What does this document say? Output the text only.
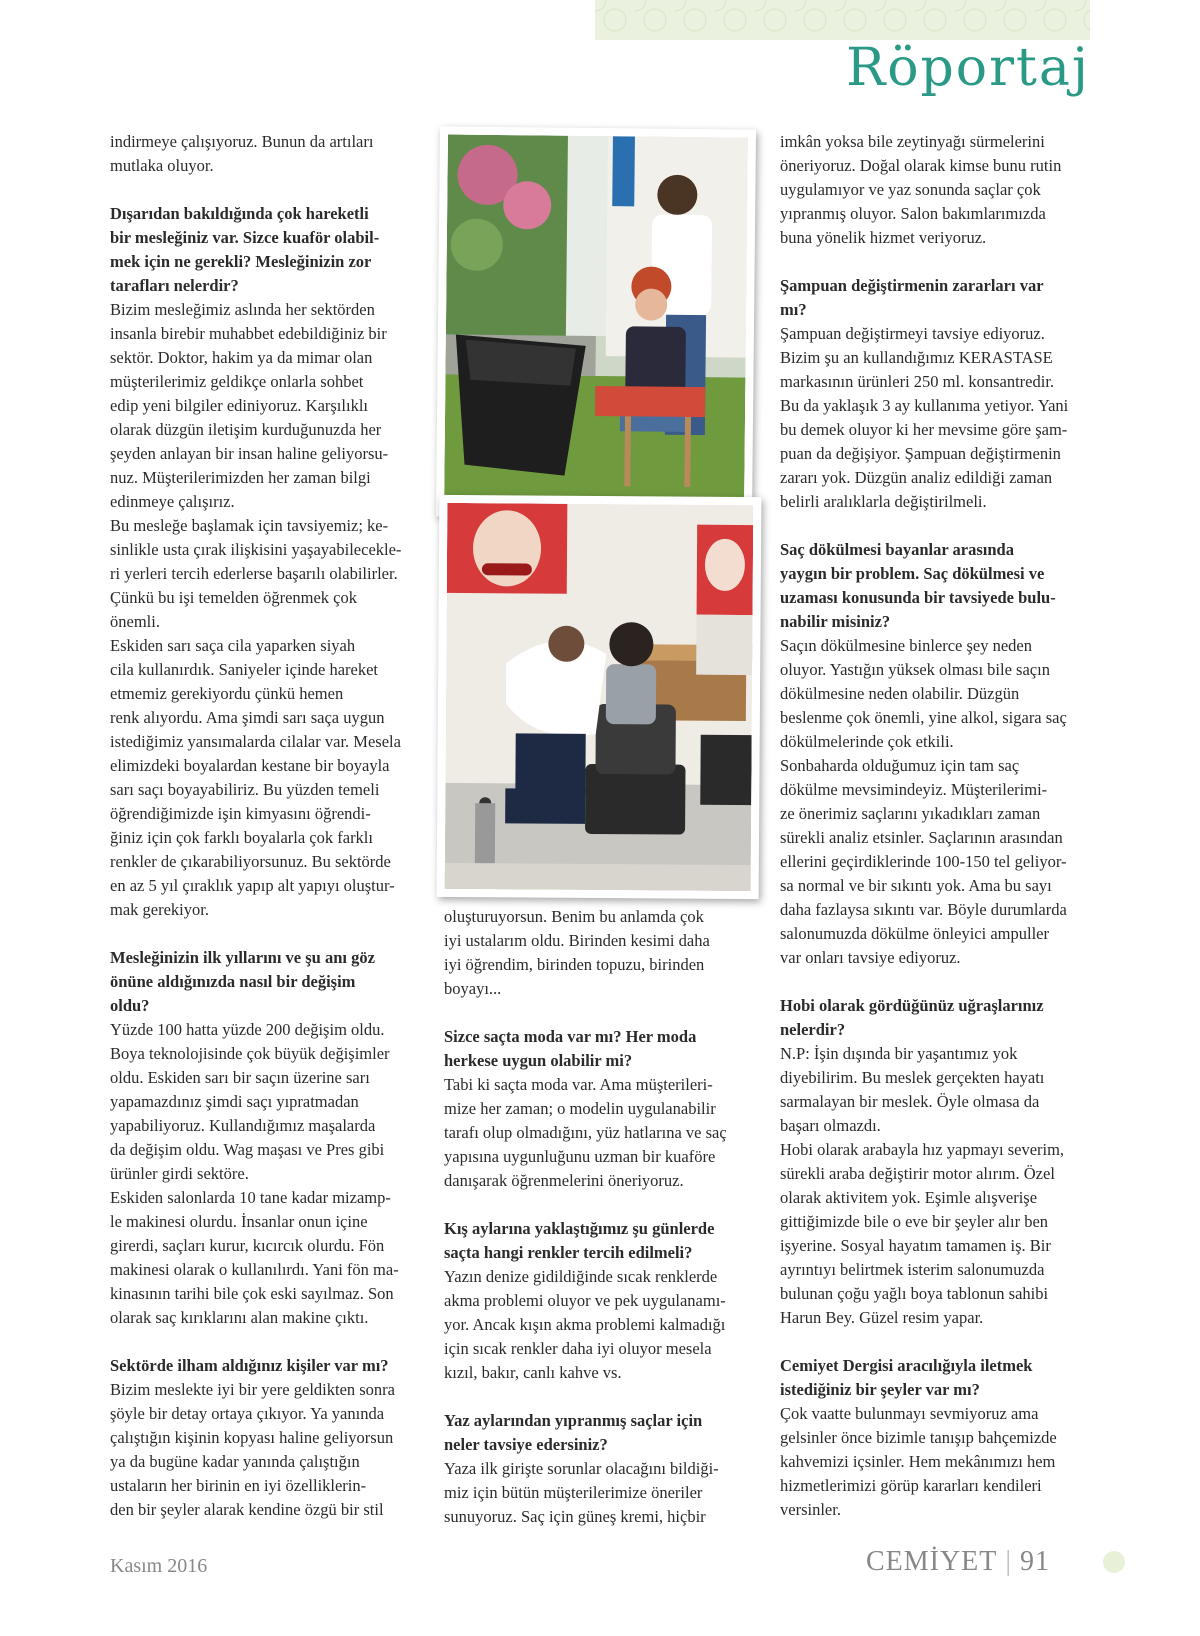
Röportaj
indirmeye çalışıyoruz. Bunun da artıları
mutlaka oluyor.
Dışarıdan bakıldığında çok hareketli
bir mesleğiniz var. Sizce kuaför olabil-
mek için ne gerekli? Mesleğinizin zor
tarafları nelerdir?
Bizim mesleğimiz aslında her sektörden
insanla birebir muhabbet edebildiğiniz bir
sektör. Doktor, hakim ya da mimar olan
müşterilerimiz geldikçe onlarla sohbet
edip yeni bilgiler ediniyoruz. Karşılıklı
olarak düzgün iletişim kurduğunuzda her
şeyden anlayan bir insan haline geliyorsu-
nuz. Müşterilerimizden her zaman bilgi
edinmeye çalışırız.
Bu mesleğe başlamak için tavsiyemiz; ke-
sinlikle usta çırak ilişkisini yaşayabilecekle-
ri yerleri tercih ederlerse başarılı olabilirler.
Çünkü bu işi temelden öğrenmek çok
önemli.
Eskiden sarı saça cila yaparken siyah
cila kullanırdık. Saniyeler içinde hareket
etmemiz gerekiyordu çünkü hemen
renk alıyordu. Ama şimdi sarı saça uygun
istediğimiz yansımalarda cilalar var. Mesela
elimizdeki boyalardan kestane bir boyayla
sarı saçı boyayabiliriz. Bu yüzden temeli
öğrendiğimizde işin kimyasını öğrendi-
ğiniz için çok farklı boyalarla çok farklı
renkler de çıkarabiliyorsunuz. Bu sektörde
en az 5 yıl çıraklık yapıp alt yapıyı oluştur-
mak gerekiyor.
Mesleğinizin ilk yıllarını ve şu anı göz
önüne aldığınızda nasıl bir değişim
oldu?
Yüzde 100 hatta yüzde 200 değişim oldu.
Boya teknolojisinde çok büyük değişimler
oldu. Eskiden sarı bir saçın üzerine sarı
yapamazdınız şimdi saçı yıpratmadan
yapabiliyoruz. Kullandığımız maşalarda
da değişim oldu. Wag maşası ve Pres gibi
ürünler girdi sektöre.
Eskiden salonlarda 10 tane kadar mizamp-
le makinesi olurdu. İnsanlar onun içine
girerdi, saçları kurur, kıcırcık olurdu. Fön
makinesi olarak o kullanılırdı. Yani fön ma-
kinasının tarihi bile çok eski sayılmaz. Son
olarak saç kırıklarını alan makine çıktı.
Sektörde ilham aldığınız kişiler var mı?
Bizim meslekte iyi bir yere geldikten sonra
şöyle bir detay ortaya çıkıyor. Ya yanında
çalıştığın kişinin kopyası haline geliyorsun
ya da bugüne kadar yanında çalıştığın
ustaların her birinin en iyi özelliklerin-
den bir şeyler alarak kendine özgü bir stil
oluşturuyorsun. Benim bu anlamda çok
iyi ustalarım oldu. Birinden kesimi daha
iyi öğrendim, birinden topuzu, birinden
boyayı...
Sizce saçta moda var mı? Her moda
herkese uygun olabilir mi?
Tabi ki saçta moda var. Ama müşterileri-
mize her zaman; o modelin uygulanabilir
tarafı olup olmadığını, yüz hatlarına ve saç
yapısına uygunluğunu uzman bir kuaföre
danışarak öğrenmelerini öneriyoruz.
Kış aylarına yaklaştığımız şu günlerde
saçta hangi renkler tercih edilmeli?
Yazın denize gidildiğinde sıcak renklerde
akma problemi oluyor ve pek uygulanamı-
yor. Ancak kışın akma problemi kalmadığı
için sıcak renkler daha iyi oluyor mesela
kızıl, bakır, canlı kahve vs.
Yaz aylarından yıpranmış saçlar için
neler tavsiye edersiniz?
Yaza ilk girişte sorunlar olacağını bildiği-
miz için bütün müşterilerimize öneriler
sunuyoruz. Saç için güneş kremi, hiçbir
imkân yoksa bile zeytinyağı sürmelerini
öneriyoruz. Doğal olarak kimse bunu rutin
uygulamıyor ve yaz sonunda saçlar çok
yıpranmış oluyor. Salon bakımlarımızda
buna yönelik hizmet veriyoruz.
Şampuan değiştirmenin zararları var
mı?
Şampuan değiştirmeyi tavsiye ediyoruz.
Bizim şu an kullandığımız KERASTASE
markasının ürünleri 250 ml. konsantredir.
Bu da yaklaşık 3 ay kullanıma yetiyor. Yani
bu demek oluyor ki her mevsime göre şam-
puan da değişiyor. Şampuan değiştirmenin
zararı yok. Düzgün analiz edildiği zaman
belirli aralıklarla değiştirilmeli.
Saç dökülmesi bayanlar arasında
yaygın bir problem. Saç dökülmesi ve
uzaması konusunda bir tavsiyede bulu-
nabilir misiniz?
Saçın dökülmesine binlerce şey neden
oluyor. Yastığın yüksek olması bile saçın
dökülmesine neden olabilir. Düzgün
beslenme çok önemli, yine alkol, sigara saç
dökülmelerinde çok etkili.
Sonbaharda olduğumuz için tam saç
dökülme mevsimindeyiz. Müşterilerimi-
ze önerimiz saçlarını yıkadıkları zaman
sürekli analiz etsinler. Saçlarının arasından
ellerini geçirdiklerinde 100-150 tel geliyor-
sa normal ve bir sıkıntı yok. Ama bu sayı
daha fazlaysa sıkıntı var. Böyle durumlarda
salonumuzda dökülme önleyici ampuller
var onları tavsiye ediyoruz.
Hobi olarak gördüğünüz uğraşlarınız
nelerdir?
N.P: İşin dışında bir yaşantımız yok
diyebilirim. Bu meslek gerçekten hayatı
sarmalayan bir meslek. Öyle olmasa da
başarı olmazdı.
Hobi olarak arabayla hız yapmayı severim,
sürekli araba değiştirir motor alırım. Özel
olarak aktivitem yok. Eşimle alışverişe
gittiğimizde bile o eve bir şeyler alır ben
işyerine. Sosyal hayatım tamamen iş. Bir
ayrıntıyı belirtmek isterim salonumuzda
bulunan çoğu yağlı boya tablonun sahibi
Harun Bey. Güzel resim yapar.
Cemiyet Dergisi aracılığıyla iletmek
istediğiniz bir şeyler var mı?
Çok vaatte bulunmayı sevmiyoruz ama
gelsinler önce bizimle tanışıp bahçemizde
kahvemizi içsinler. Hem mekânımızı hem
hizmetlerimizi görüp kararları kendileri
versinler.
Kasım 2016	CEMİYET | 91
